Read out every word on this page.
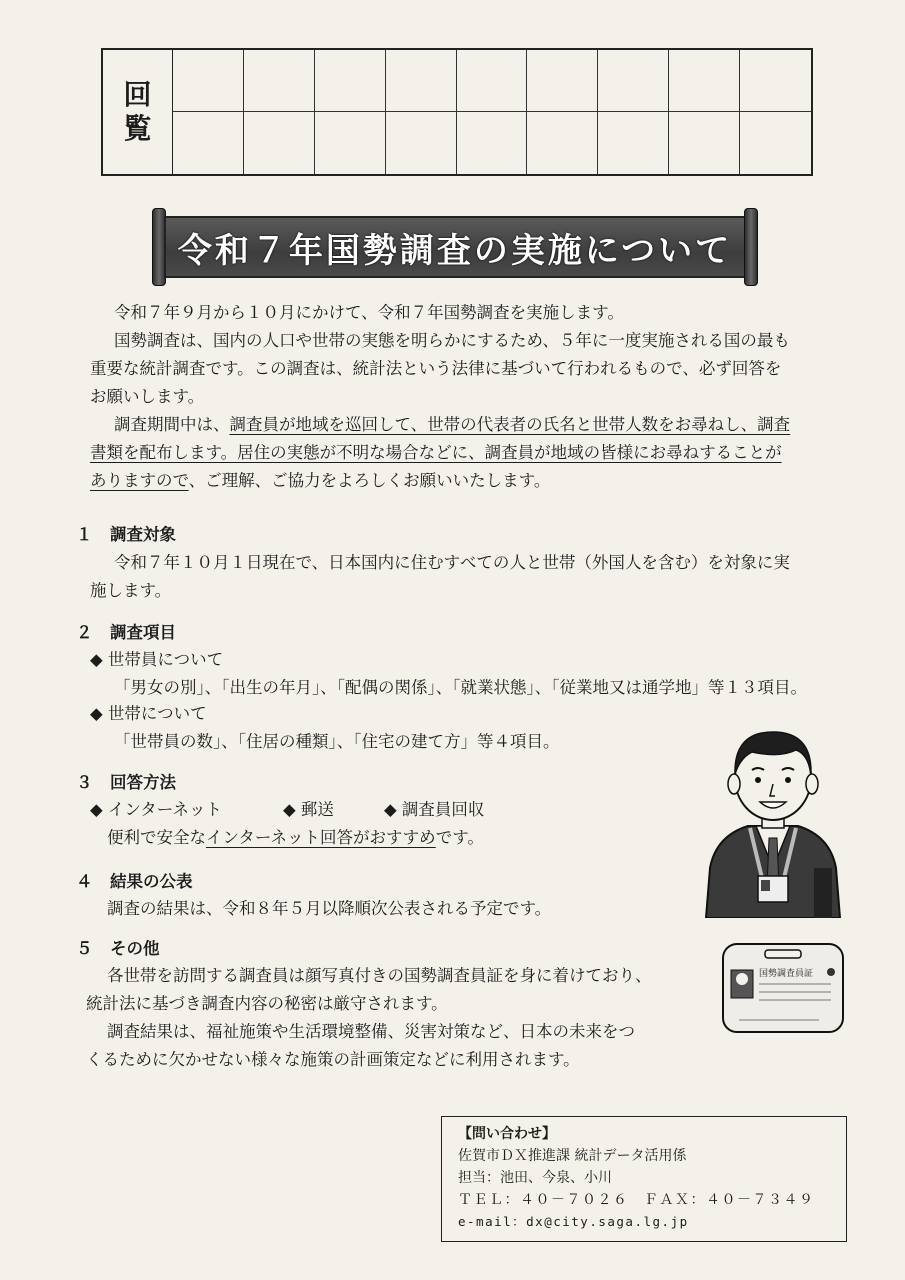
回
覧
令和７年国勢調査の実施について
令和７年９月から１０月にかけて、令和７年国勢調査を実施します。
国勢調査は、国内の人口や世帯の実態を明らかにするため、５年に一度実施される国の最も
重要な統計調査です。この調査は、統計法という法律に基づいて行われるもので、必ず回答を
お願いします。
調査期間中は、調査員が地域を巡回して、世帯の代表者の氏名と世帯人数をお尋ねし、調査
書類を配布します。居住の実態が不明な場合などに、調査員が地域の皆様にお尋ねすることが
ありますので、ご理解、ご協力をよろしくお願いいたします。
１ 調査対象
令和７年１０月１日現在で、日本国内に住むすべての人と世帯（外国人を含む）を対象に実
施します。
２ 調査項目
◆ 世帯員について
「男女の別」、「出生の年月」、「配偶の関係」、「就業状態」、「従業地又は通学地」等１３項目。
◆ 世帯について
「世帯員の数」、「住居の種類」、「住宅の建て方」等４項目。
３ 回答方法
◆ インターネット	◆ 郵送	◆ 調査員回収
便利で安全なインターネット回答がおすすめです。
４ 結果の公表
調査の結果は、令和８年５月以降順次公表される予定です。
５ その他
各世帯を訪問する調査員は顔写真付きの国勢調査員証を身に着けており、
統計法に基づき調査内容の秘密は厳守されます。
調査結果は、福祉施策や生活環境整備、災害対策など、日本の未来をつ
くるために欠かせない様々な施策の計画策定などに利用されます。
国勢調査員証
【問い合わせ】
佐賀市ＤＸ推進課 統計データ活用係
担当：池田、今泉、小川
ＴＥＬ：４０－７０２６　ＦＡＸ：４０－７３４９
e-mail：dx@city.saga.lg.jp
